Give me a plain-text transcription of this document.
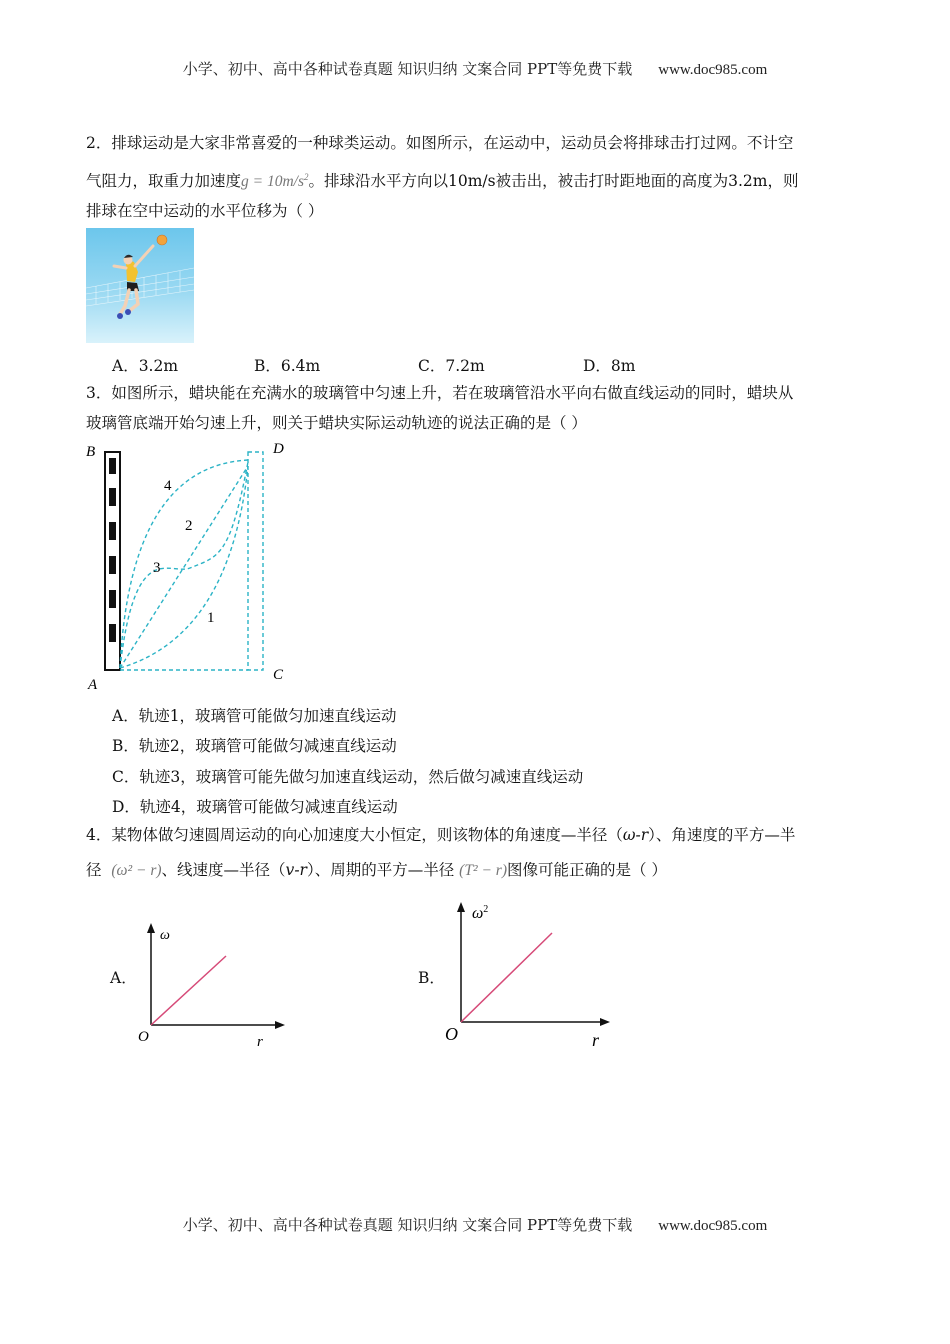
小学、初中、高中各种试卷真题 知识归纳 文案合同 PPT等免费下载 www.doc985.com
2．排球运动是大家非常喜爱的一种球类运动。如图所示，在运动中，运动员会将排球击打过网。不计空
气阻力，取重力加速度$g = 10m/s^2$。排球沿水平方向以10m/s被击出，被击打时距地面的高度为3.2m，则
排球在空中运动的水平位移为（ ）
A．3.2m	B．6.4m	C．7.2m	D．8m
3．如图所示，蜡块能在充满水的玻璃管中匀速上升，若在玻璃管沿水平向右做直线运动的同时，蜡块从
玻璃管底端开始匀速上升，则关于蜡块实际运动轨迹的说法正确的是（ ）
B	D
A
C
4
2
3
1
A．轨迹1，玻璃管可能做匀加速直线运动
B．轨迹2，玻璃管可能做匀减速直线运动
C．轨迹3，玻璃管可能先做匀加速直线运动，然后做匀减速直线运动
D．轨迹4，玻璃管可能做匀减速直线运动
4．某物体做匀速圆周运动的向心加速度大小恒定，则该物体的角速度—半径（ω-r）、角速度的平方—半
径 (ω² − r)、线速度—半径（v-r）、周期的平方—半径 (T² − r)图像可能正确的是（ ）
A．
ω
O	r
B．
$\omega^2$
O	r
小学、初中、高中各种试卷真题 知识归纳 文案合同 PPT等免费下载 www.doc985.com
